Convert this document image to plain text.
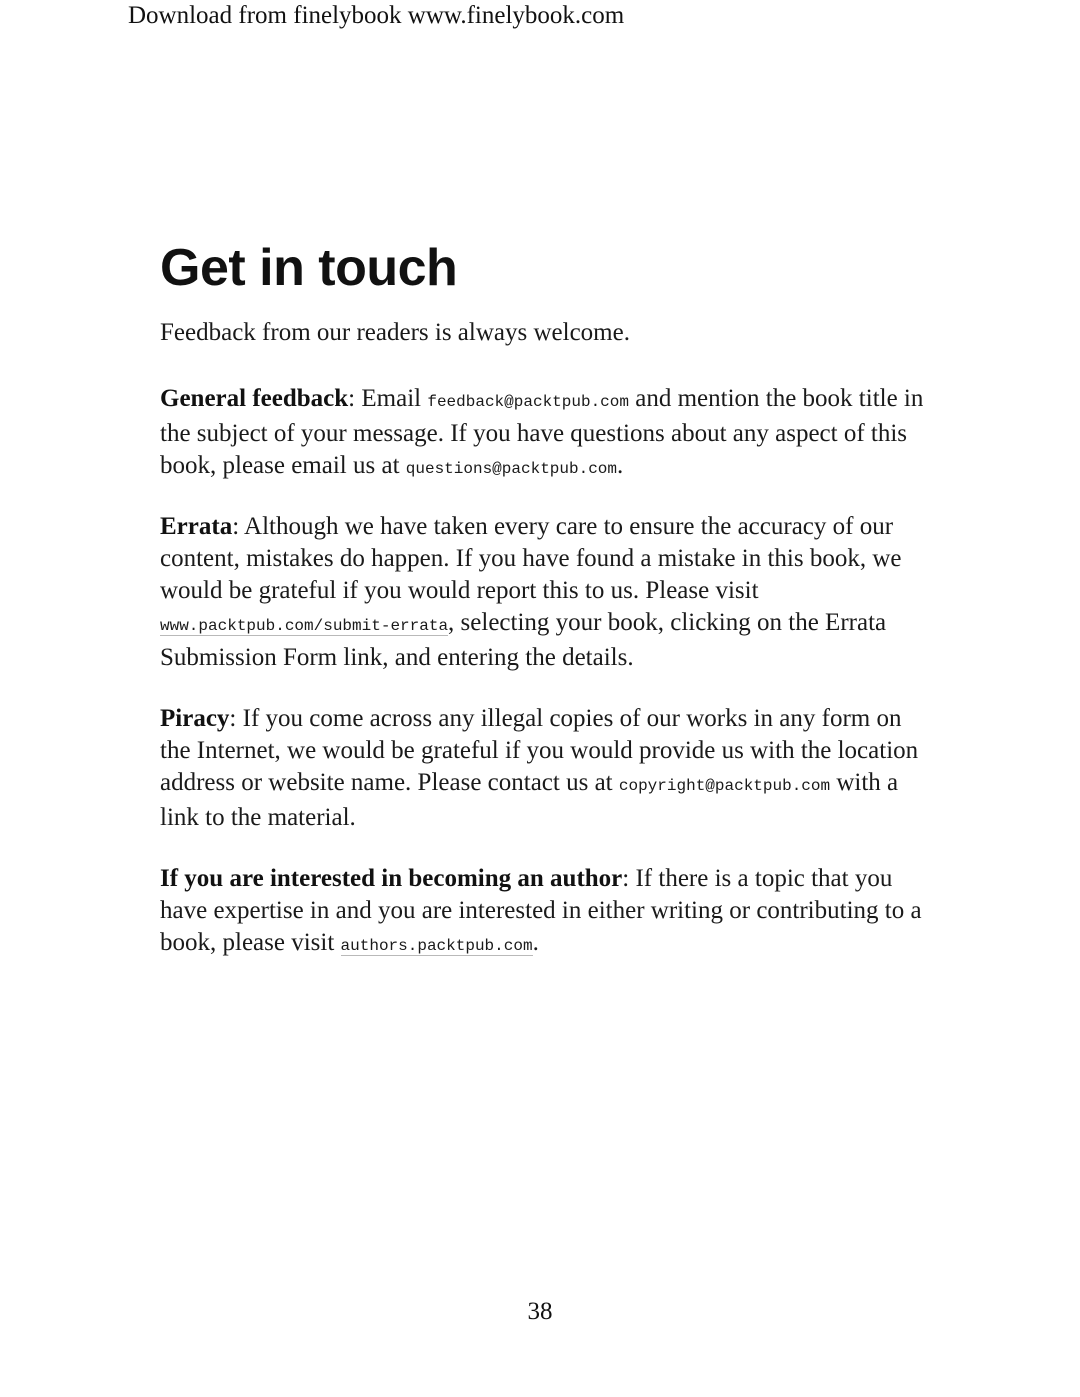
Download from finelybook www.finelybook.com
Get in touch

Feedback from our readers is always welcome.

General feedback: Email feedback@packtpub.com and mention the book title in the subject of your message. If you have questions about any aspect of this book, please email us at questions@packtpub.com.

Errata: Although we have taken every care to ensure the accuracy of our content, mistakes do happen. If you have found a mistake in this book, we would be grateful if you would report this to us. Please visit www.packtpub.com/submit-errata, selecting your book, clicking on the Errata Submission Form link, and entering the details.

Piracy: If you come across any illegal copies of our works in any form on the Internet, we would be grateful if you would provide us with the location address or website name. Please contact us at copyright@packtpub.com with a link to the material.

If you are interested in becoming an author: If there is a topic that you have expertise in and you are interested in either writing or contributing to a book, please visit authors.packtpub.com.

38
